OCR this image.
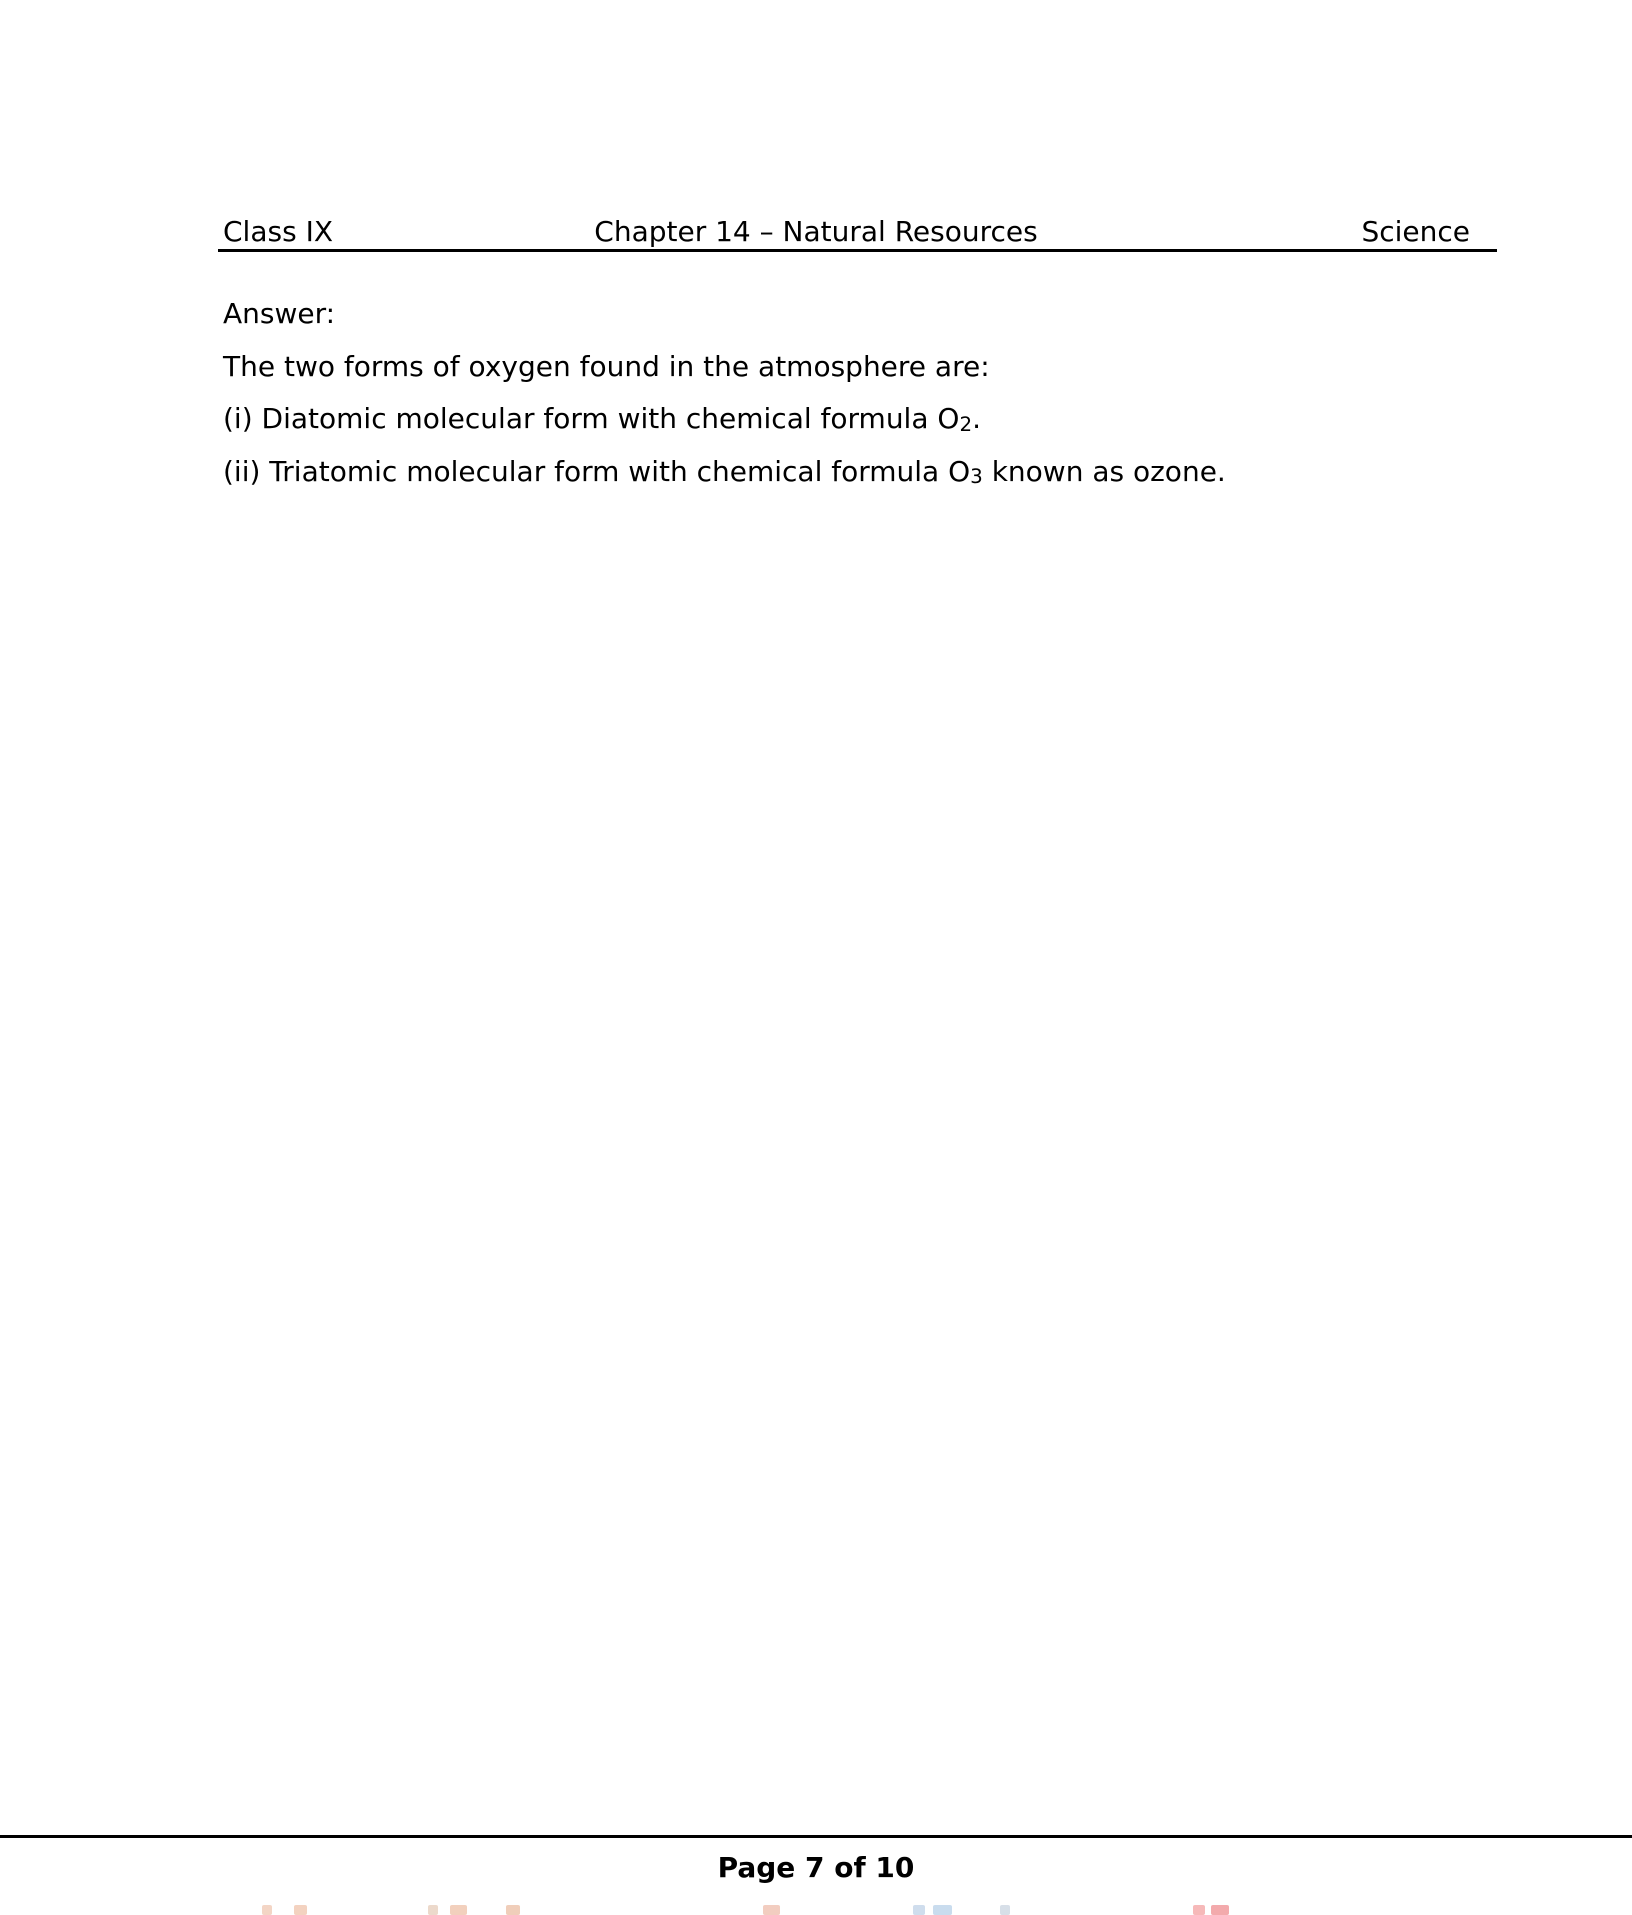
Class IX	Chapter 14 – Natural Resources	Science

Answer:

The two forms of oxygen found in the atmosphere are:

(i) Diatomic molecular form with chemical formula $O_2$.

(ii) Triatomic molecular form with chemical formula $O_3$ known as ozone.

Page 7 of 10
